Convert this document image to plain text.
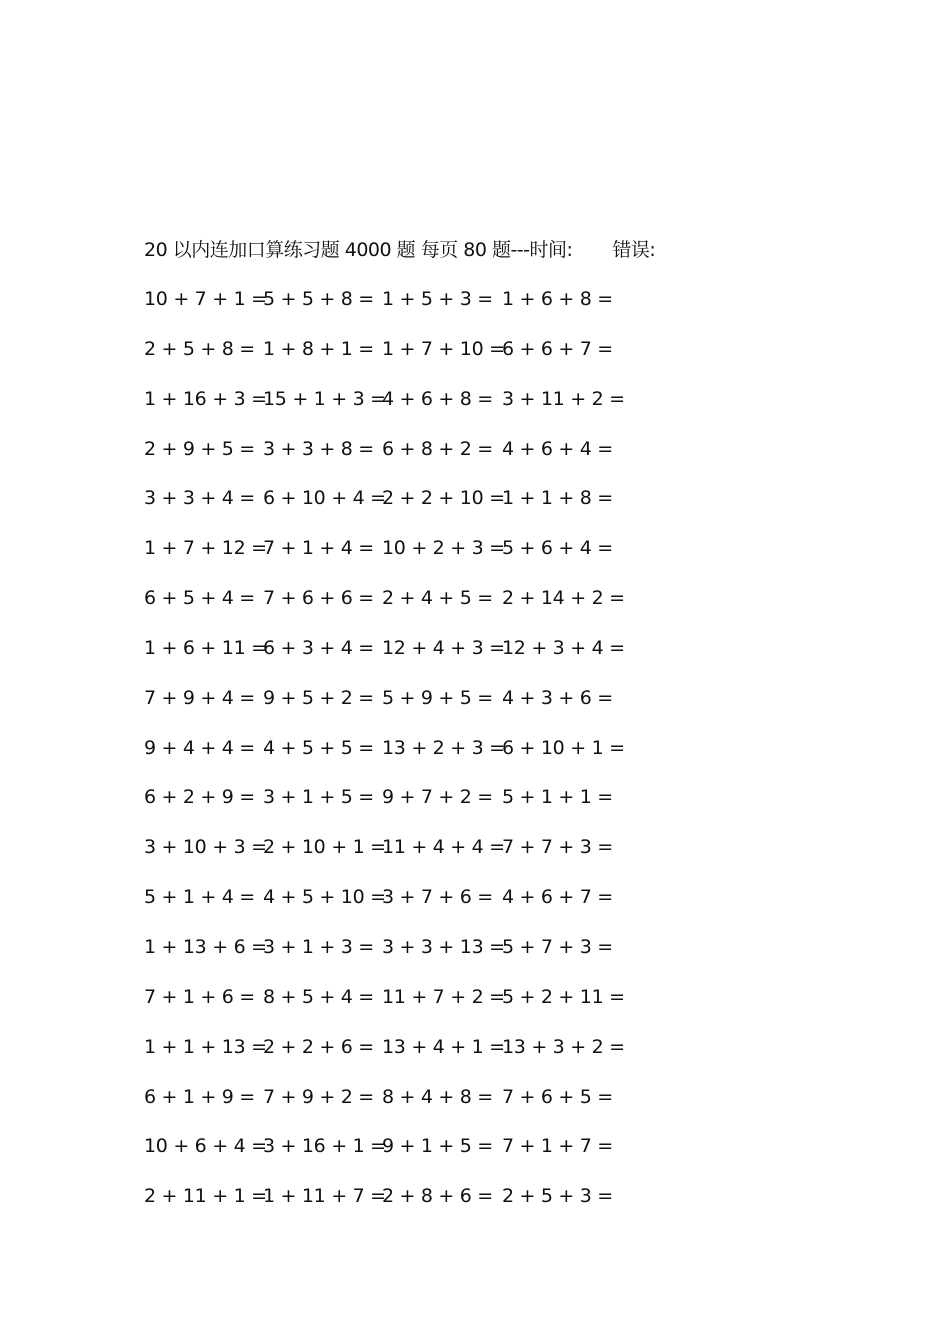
20 以内连加口算练习题 4000 题 每页 80 题---时间: 错误:
10 + 7 + 1 =
5 + 5 + 8 = 1 + 5 + 3 = 1 + 6 + 8 =
2 + 5 + 8 = 1 + 8 + 1 = 1 + 7 + 10 =
6 + 6 + 7 =
1 + 16 + 3 =
15 + 1 + 3 =
4 + 6 + 8 = 3 + 11 + 2 =
2 + 9 + 5 = 3 + 3 + 8 = 6 + 8 + 2 = 4 + 6 + 4 =
3 + 3 + 4 = 6 + 10 + 4 =
2 + 2 + 10 =
1 + 1 + 8 =
1 + 7 + 12 =
7 + 1 + 4 = 10 + 2 + 3 =
5 + 6 + 4 =
6 + 5 + 4 = 7 + 6 + 6 = 2 + 4 + 5 = 2 + 14 + 2 =
1 + 6 + 11 =
6 + 3 + 4 = 12 + 4 + 3 =
12 + 3 + 4 =
7 + 9 + 4 = 9 + 5 + 2 = 5 + 9 + 5 = 4 + 3 + 6 =
9 + 4 + 4 = 4 + 5 + 5 = 13 + 2 + 3 =
6 + 10 + 1 =
6 + 2 + 9 = 3 + 1 + 5 = 9 + 7 + 2 = 5 + 1 + 1 =
3 + 10 + 3 =
2 + 10 + 1 =
11 + 4 + 4 =
7 + 7 + 3 =
5 + 1 + 4 = 4 + 5 + 10 =
3 + 7 + 6 = 4 + 6 + 7 =
1 + 13 + 6 =
3 + 1 + 3 = 3 + 3 + 13 =
5 + 7 + 3 =
7 + 1 + 6 = 8 + 5 + 4 = 11 + 7 + 2 =
5 + 2 + 11 =
1 + 1 + 13 =
2 + 2 + 6 = 13 + 4 + 1 =
13 + 3 + 2 =
6 + 1 + 9 = 7 + 9 + 2 = 8 + 4 + 8 = 7 + 6 + 5 =
10 + 6 + 4 =
3 + 16 + 1 =
9 + 1 + 5 = 7 + 1 + 7 =
2 + 11 + 1 =
1 + 11 + 7 =
2 + 8 + 6 = 2 + 5 + 3 =
